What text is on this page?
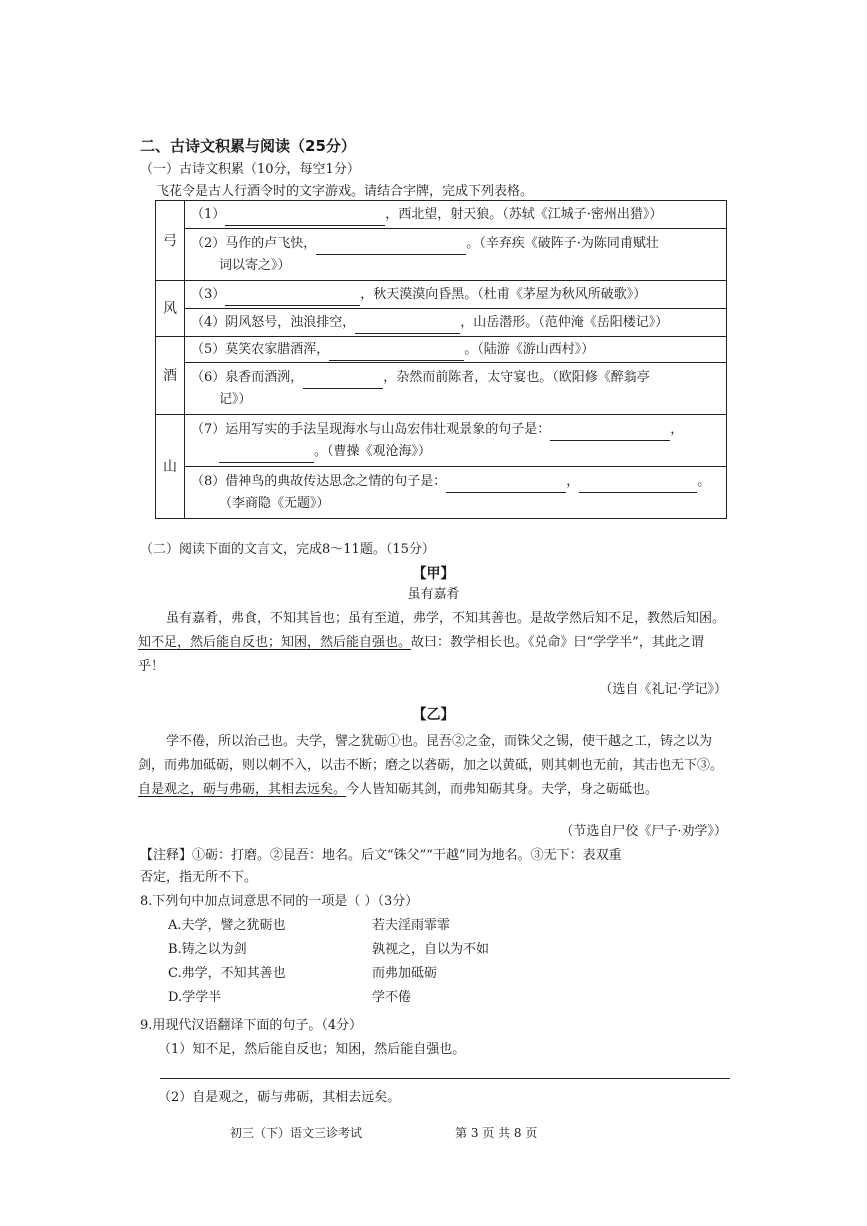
二、古诗文积累与阅读（25分）
（一）古诗文积累（10分，每空1分）
飞花令是古人行酒令时的文字游戏。请结合字牌，完成下列表格。
弓	（1） ，西北望，射天狼。（苏轼《江城子·密州出猎》）
	（2）马作的卢飞快， 。（辛弃疾《破阵子·为陈同甫赋壮
词以寄之》）
风	（3） ，秋天漠漠向昏黑。（杜甫《茅屋为秋风所破歌》）
	（4）阴风怒号，浊浪排空， ，山岳潜形。（范仲淹《岳阳楼记》）
酒	（5）莫笑农家腊酒浑， 。（陆游《游山西村》）
	（6）泉香而酒洌， ，杂然而前陈者，太守宴也。（欧阳修《醉翁亭
记》）
山	（7）运用写实的手法呈现海水与山岛宏伟壮观景象的句子是： ，
。（曹操《观沧海》）
	（8）借神鸟的典故传达思念之情的句子是： ， 。
（李商隐《无题》）
（二）阅读下面的文言文，完成8～11题。（15分）
【甲】
虽有嘉肴
虽有嘉肴，弗食，不知其旨也；虽有至道，弗学，不知其善也。是故学然后知不足，教然后知困。知不足，然后能自反也；知困，然后能自强也。故曰：教学相长也。《兑命》曰“学学半”，其此之谓乎！
（选自《礼记·学记》）
【乙】
学不倦，所以治己也。夫学，譬之犹砺①也。昆吾②之金，而铢父之锡，使干越之工，铸之以为剑，而弗加砥砺，则以刺不入，以击不断；磨之以砻砺，加之以黄砥，则其刺也无前，其击也无下③。自是观之，砺与弗砺，其相去远矣。今人皆知砺其剑，而弗知砺其身。夫学，身之砺砥也。
（节选自尸佼《尸子·劝学》）
【注释】①砺：打磨。②昆吾：地名。后文“铢父”“干越”同为地名。③无下：表双重
否定，指无所不下。
8.下列句中加点词意思不同的一项是（ ）（3分）
A.夫学，譬之犹砺也	若夫淫雨霏霏
B.铸之以为剑	孰视之，自以为不如
C.弗学，不知其善也	而弗加砥砺
D.学学半	学不倦
9.用现代汉语翻译下面的句子。（4分）
（1）知不足，然后能自反也；知困，然后能自强也。
（2）自是观之，砺与弗砺，其相去远矣。
初三（下）语文三诊考试	第 3 页 共 8 页
